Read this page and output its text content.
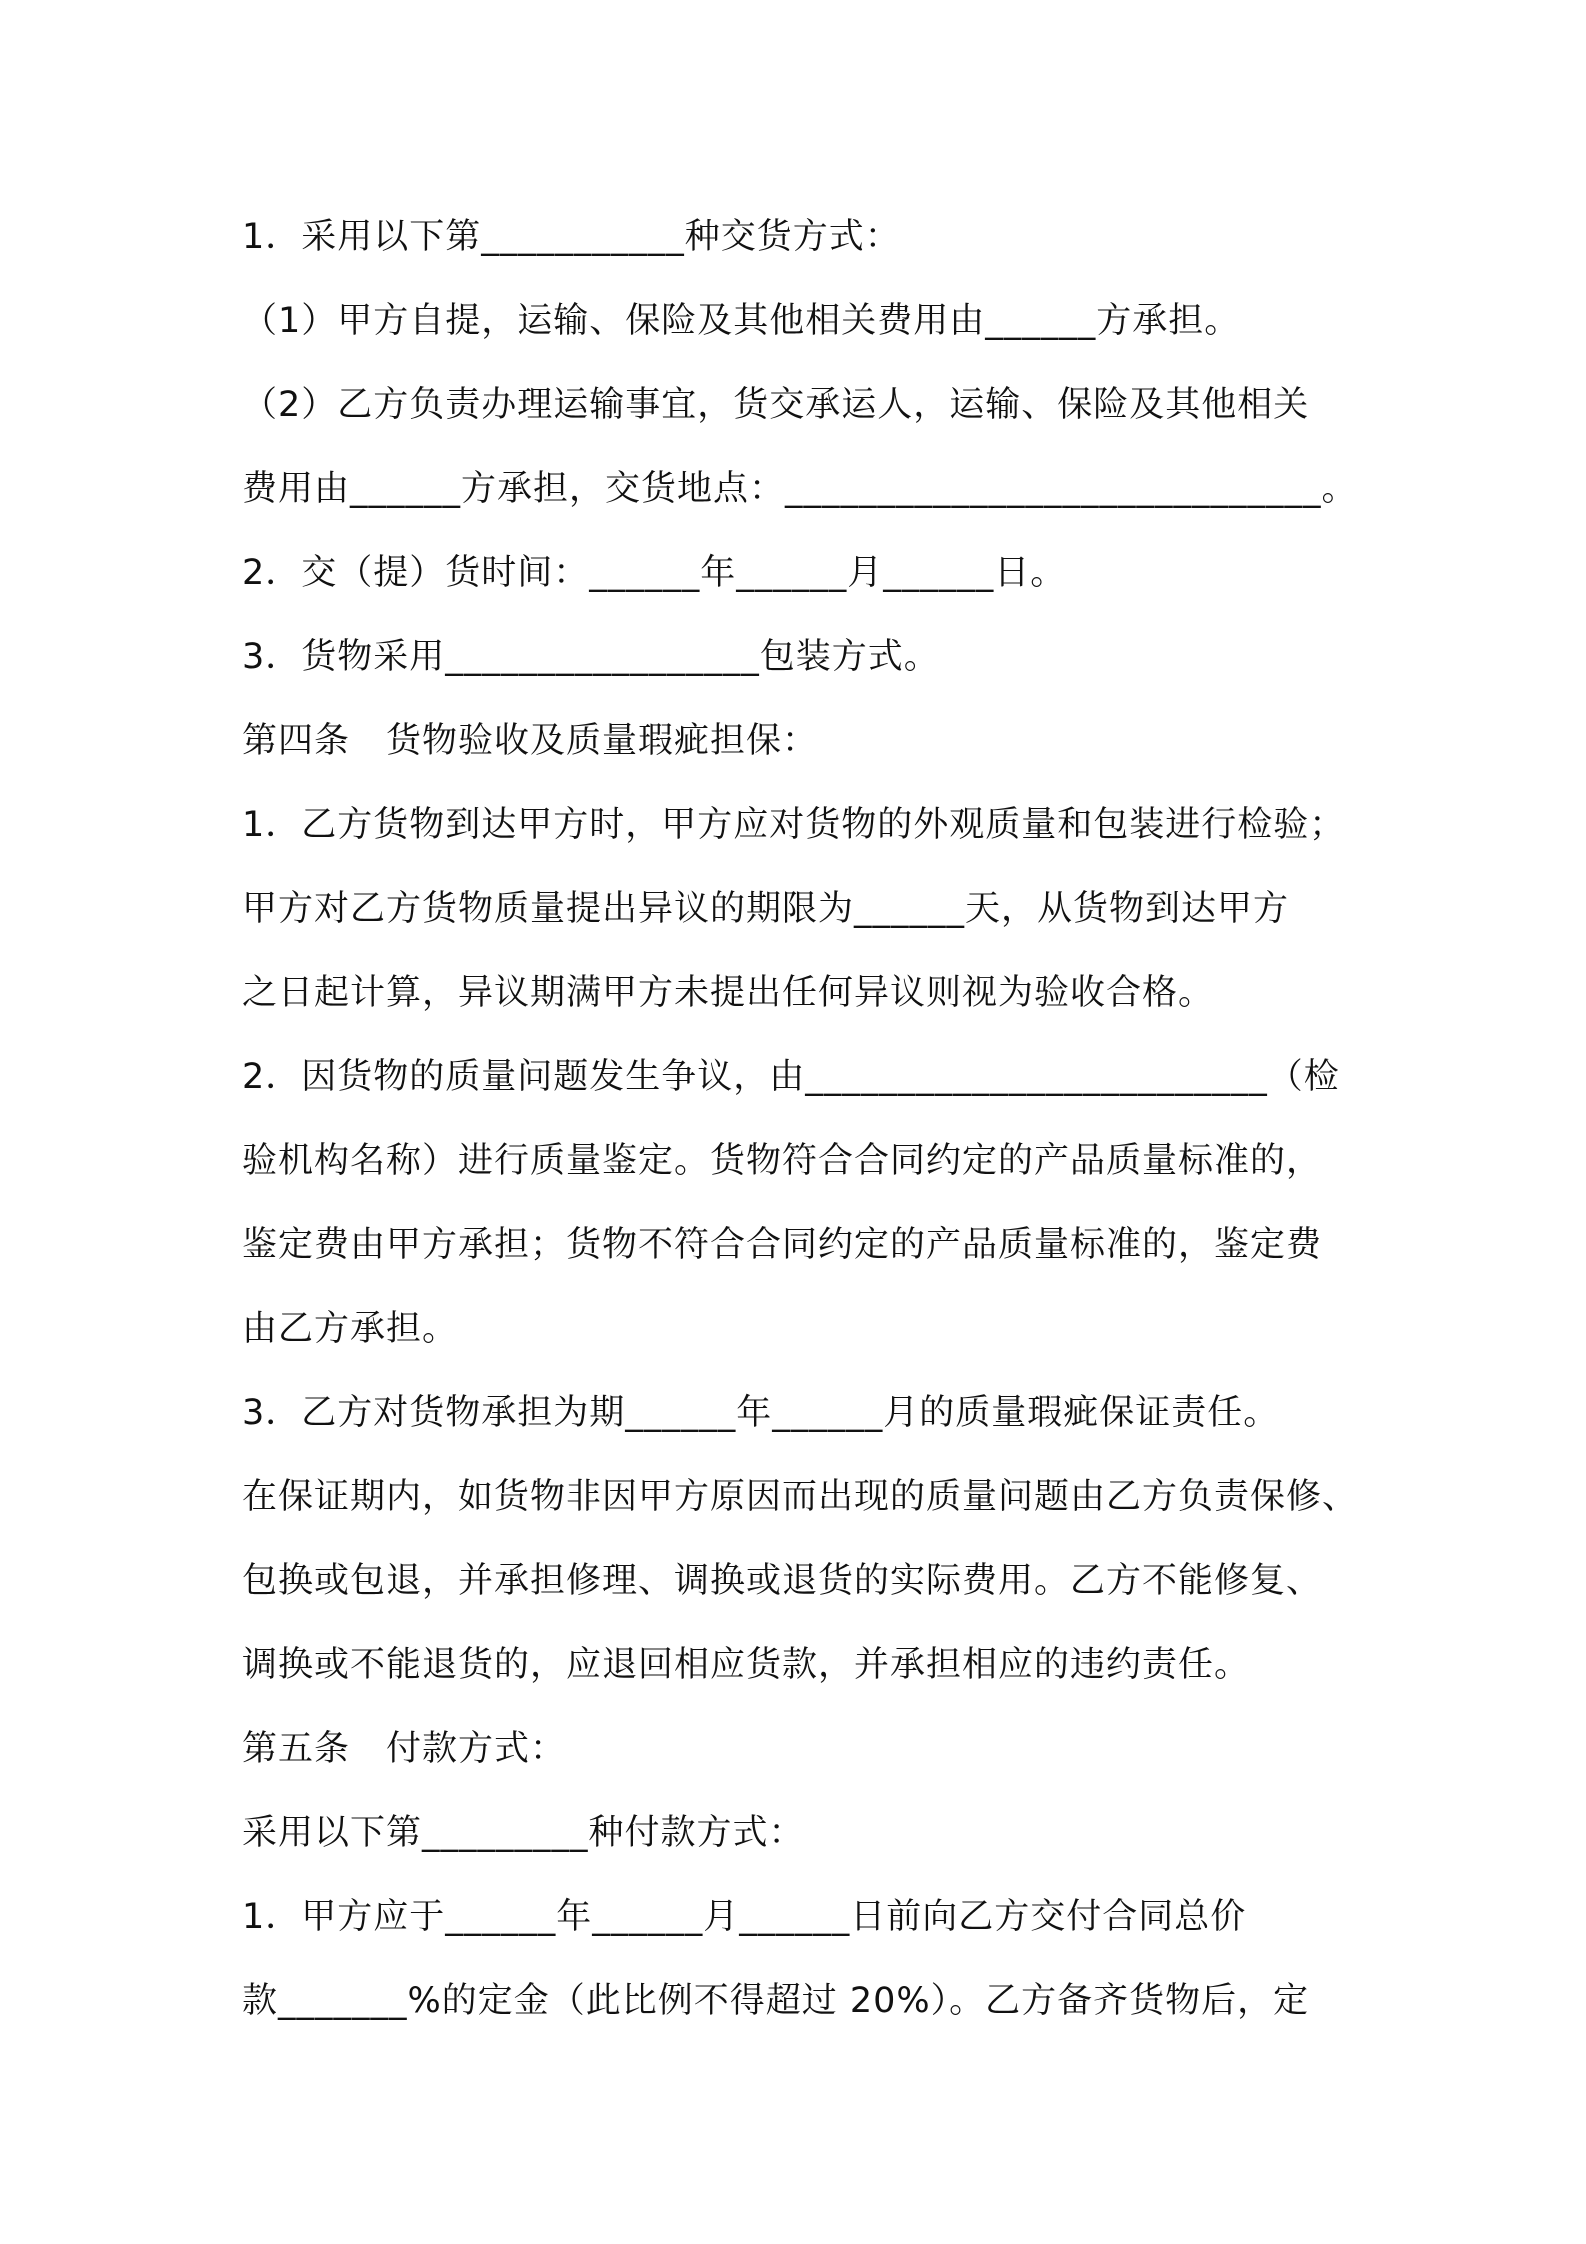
1．采用以下第___________种交货方式：
（1）甲方自提，运输、保险及其他相关费用由______方承担。
（2）乙方负责办理运输事宜，货交承运人，运输、保险及其他相关
费用由______方承担，交货地点：_____________________________。
2．交（提）货时间：______年______月______日。
3．货物采用_________________包装方式。
第四条　货物验收及质量瑕疵担保：
1．乙方货物到达甲方时，甲方应对货物的外观质量和包装进行检验；
甲方对乙方货物质量提出异议的期限为______天，从货物到达甲方
之日起计算，异议期满甲方未提出任何异议则视为验收合格。
2．因货物的质量问题发生争议，由_________________________（检
验机构名称）进行质量鉴定。货物符合合同约定的产品质量标准的，
鉴定费由甲方承担；货物不符合合同约定的产品质量标准的，鉴定费
由乙方承担。
3．乙方对货物承担为期______年______月的质量瑕疵保证责任。
在保证期内，如货物非因甲方原因而出现的质量问题由乙方负责保修、
包换或包退，并承担修理、调换或退货的实际费用。乙方不能修复、
调换或不能退货的，应退回相应货款，并承担相应的违约责任。
第五条　付款方式：
采用以下第_________种付款方式：
1．甲方应于______年______月______日前向乙方交付合同总价
款_______%的定金（此比例不得超过 20%）。乙方备齐货物后，定
